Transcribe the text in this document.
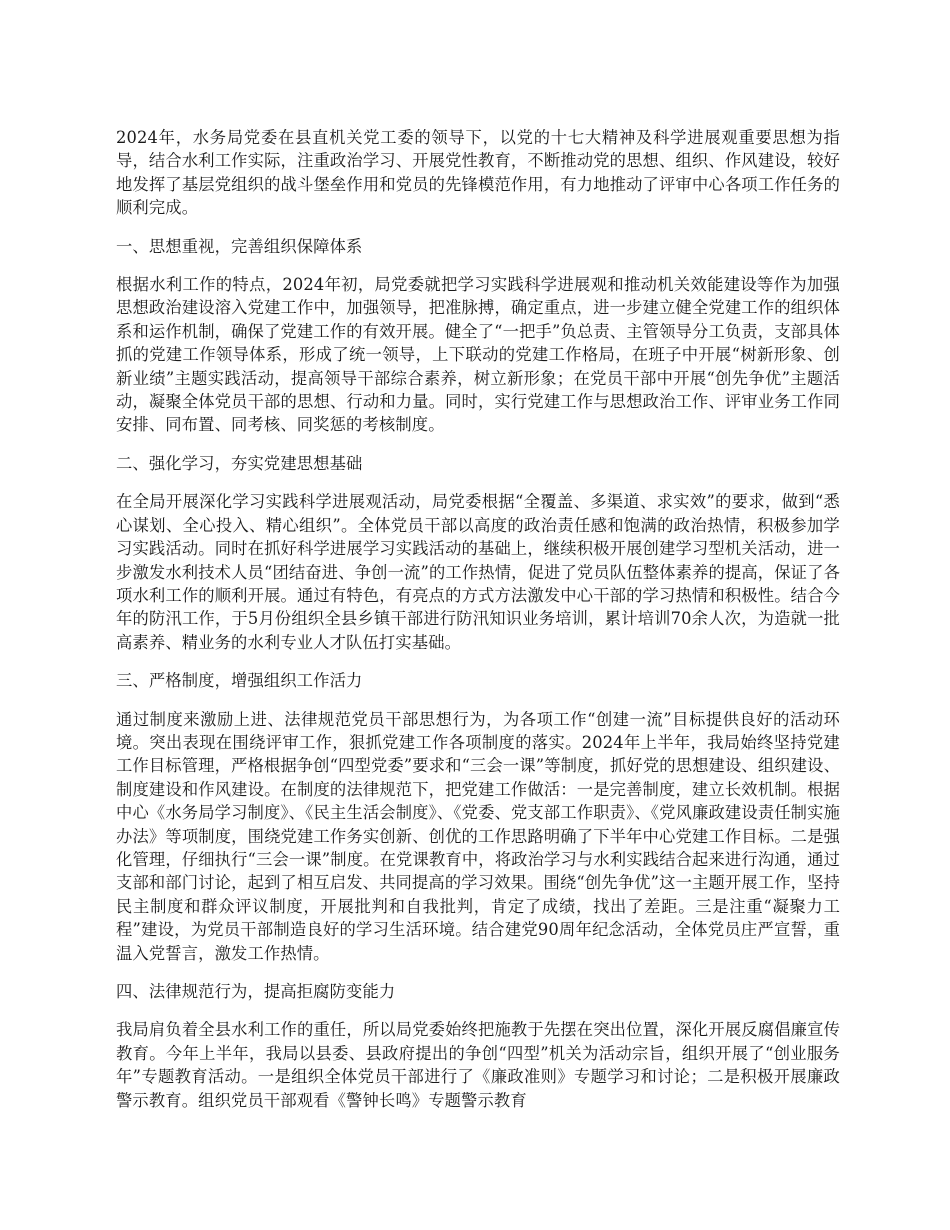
2024年，水务局党委在县直机关党工委的领导下，以党的十七大精神及科学进展观重要思想为指导，结合水利工作实际，注重政治学习、开展党性教育，不断推动党的思想、组织、作风建设，较好地发挥了基层党组织的战斗堡垒作用和党员的先锋模范作用，有力地推动了评审中心各项工作任务的顺利完成。

一、思想重视，完善组织保障体系

根据水利工作的特点，2024年初，局党委就把学习实践科学进展观和推动机关效能建设等作为加强思想政治建设溶入党建工作中，加强领导，把准脉搏，确定重点，进一步建立健全党建工作的组织体系和运作机制，确保了党建工作的有效开展。健全了“一把手”负总责、主管领导分工负责，支部具体抓的党建工作领导体系，形成了统一领导，上下联动的党建工作格局，在班子中开展“树新形象、创新业绩”主题实践活动，提高领导干部综合素养，树立新形象；在党员干部中开展“创先争优”主题活动，凝聚全体党员干部的思想、行动和力量。同时，实行党建工作与思想政治工作、评审业务工作同安排、同布置、同考核、同奖惩的考核制度。

二、强化学习，夯实党建思想基础

在全局开展深化学习实践科学进展观活动，局党委根据“全覆盖、多渠道、求实效”的要求，做到“悉心谋划、全心投入、精心组织”。全体党员干部以高度的政治责任感和饱满的政治热情，积极参加学习实践活动。同时在抓好科学进展学习实践活动的基础上，继续积极开展创建学习型机关活动，进一步激发水利技术人员“团结奋进、争创一流”的工作热情，促进了党员队伍整体素养的提高，保证了各项水利工作的顺利开展。通过有特色，有亮点的方式方法激发中心干部的学习热情和积极性。结合今年的防汛工作，于5月份组织全县乡镇干部进行防汛知识业务培训，累计培训70余人次，为造就一批高素养、精业务的水利专业人才队伍打实基础。

三、严格制度，增强组织工作活力

通过制度来激励上进、法律规范党员干部思想行为，为各项工作“创建一流”目标提供良好的活动环境。突出表现在围绕评审工作，狠抓党建工作各项制度的落实。2024年上半年，我局始终坚持党建工作目标管理，严格根据争创“四型党委”要求和“三会一课”等制度，抓好党的思想建设、组织建设、制度建设和作风建设。在制度的法律规范下，把党建工作做活：一是完善制度，建立长效机制。根据中心《水务局学习制度》、《民主生活会制度》、《党委、党支部工作职责》、《党风廉政建设责任制实施办法》等项制度，围绕党建工作务实创新、创优的工作思路明确了下半年中心党建工作目标。二是强化管理，仔细执行“三会一课”制度。在党课教育中，将政治学习与水利实践结合起来进行沟通，通过支部和部门讨论，起到了相互启发、共同提高的学习效果。围绕“创先争优”这一主题开展工作，坚持民主制度和群众评议制度，开展批判和自我批判，肯定了成绩，找出了差距。三是注重“凝聚力工程”建设，为党员干部制造良好的学习生活环境。结合建党90周年纪念活动，全体党员庄严宣誓，重温入党誓言，激发工作热情。

四、法律规范行为，提高拒腐防变能力

我局肩负着全县水利工作的重任，所以局党委始终把施教于先摆在突出位置，深化开展反腐倡廉宣传教育。今年上半年，我局以县委、县政府提出的争创“四型”机关为活动宗旨，组织开展了“创业服务年”专题教育活动。一是组织全体党员干部进行了《廉政准则》专题学习和讨论；二是积极开展廉政警示教育。组织党员干部观看《警钟长鸣》专题警示教育
